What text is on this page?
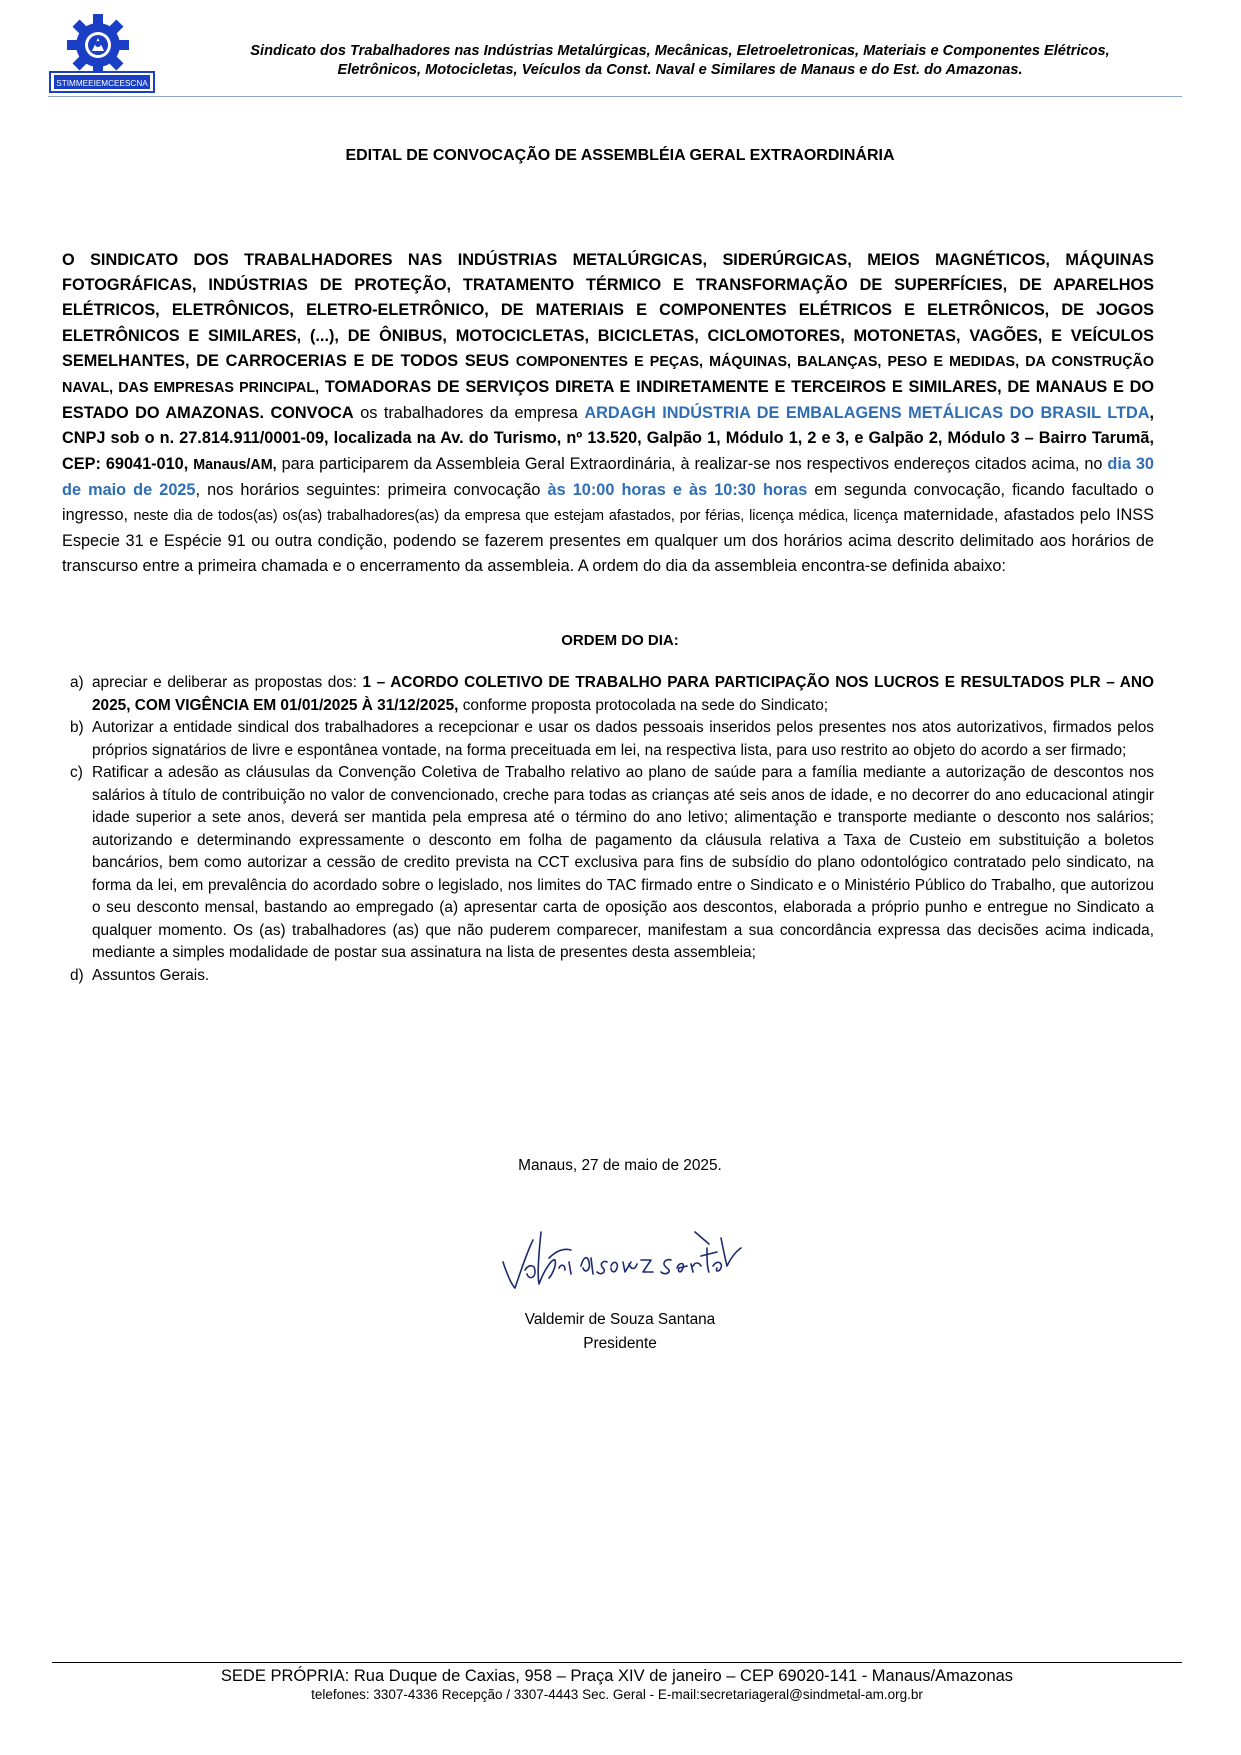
STIMMEEIEMCEESCNA
Sindicato dos Trabalhadores nas Indústrias Metalúrgicas, Mecânicas, Eletroeletronicas, Materiais e Componentes Elétricos,
Eletrônicos, Motocicletas, Veículos da Const. Naval e Similares de Manaus e do Est. do Amazonas.
EDITAL DE CONVOCAÇÃO DE ASSEMBLÉIA GERAL EXTRAORDINÁRIA
O SINDICATO DOS TRABALHADORES NAS INDÚSTRIAS METALÚRGICAS, SIDERÚRGICAS, MEIOS MAGNÉTICOS, MÁQUINAS FOTOGRÁFICAS, INDÚSTRIAS DE PROTEÇÃO, TRATAMENTO TÉRMICO E TRANSFORMAÇÃO DE SUPERFÍCIES, DE APARELHOS ELÉTRICOS, ELETRÔNICOS, ELETRO-ELETRÔNICO, DE MATERIAIS E COMPONENTES ELÉTRICOS E ELETRÔNICOS, DE JOGOS ELETRÔNICOS E SIMILARES, (...), DE ÔNIBUS, MOTOCICLETAS, BICICLETAS, CICLOMOTORES, MOTONETAS, VAGÕES, E VEÍCULOS SEMELHANTES, DE CARROCERIAS E DE TODOS SEUS COMPONENTES E PEÇAS, MÁQUINAS, BALANÇAS, PESO E MEDIDAS, DA CONSTRUÇÃO NAVAL, DAS EMPRESAS PRINCIPAL, TOMADORAS DE SERVIÇOS DIRETA E INDIRETAMENTE E TERCEIROS E SIMILARES, DE MANAUS E DO ESTADO DO AMAZONAS. CONVOCA os trabalhadores da empresa ARDAGH INDÚSTRIA DE EMBALAGENS METÁLICAS DO BRASIL LTDA, CNPJ sob o n. 27.814.911/0001-09, localizada na Av. do Turismo, nº 13.520, Galpão 1, Módulo 1, 2 e 3, e Galpão 2, Módulo 3 – Bairro Tarumã, CEP: 69041-010, Manaus/AM, para participarem da Assembleia Geral Extraordinária, à realizar-se nos respectivos endereços citados acima, no dia 30 de maio de 2025, nos horários seguintes: primeira convocação às 10:00 horas e às 10:30 horas em segunda convocação, ficando facultado o ingresso, neste dia de todos(as) os(as) trabalhadores(as) da empresa que estejam afastados, por férias, licença médica, licença maternidade, afastados pelo INSS Especie 31 e Espécie 91 ou outra condição, podendo se fazerem presentes em qualquer um dos horários acima descrito delimitado aos horários de transcurso entre a primeira chamada e o encerramento da assembleia. A ordem do dia da assembleia encontra-se definida abaixo:
ORDEM DO DIA:
a) apreciar e deliberar as propostas dos: 1 – ACORDO COLETIVO DE TRABALHO PARA PARTICIPAÇÃO NOS LUCROS E RESULTADOS PLR – ANO 2025, COM VIGÊNCIA EM 01/01/2025 À 31/12/2025, conforme proposta protocolada na sede do Sindicato;
b) Autorizar a entidade sindical dos trabalhadores a recepcionar e usar os dados pessoais inseridos pelos presentes nos atos autorizativos, firmados pelos próprios signatários de livre e espontânea vontade, na forma preceituada em lei, na respectiva lista, para uso restrito ao objeto do acordo a ser firmado;
c) Ratificar a adesão as cláusulas da Convenção Coletiva de Trabalho relativo ao plano de saúde para a família mediante a autorização de descontos nos salários à título de contribuição no valor de convencionado, creche para todas as crianças até seis anos de idade, e no decorrer do ano educacional atingir idade superior a sete anos, deverá ser mantida pela empresa até o término do ano letivo; alimentação e transporte mediante o desconto nos salários; autorizando e determinando expressamente o desconto em folha de pagamento da cláusula relativa a Taxa de Custeio em substituição a boletos bancários, bem como autorizar a cessão de credito prevista na CCT exclusiva para fins de subsídio do plano odontológico contratado pelo sindicato, na forma da lei, em prevalência do acordado sobre o legislado, nos limites do TAC firmado entre o Sindicato e o Ministério Público do Trabalho, que autorizou o seu desconto mensal, bastando ao empregado (a) apresentar carta de oposição aos descontos, elaborada a próprio punho e entregue no Sindicato a qualquer momento. Os (as) trabalhadores (as) que não puderem comparecer, manifestam a sua concordância expressa das decisões acima indicada, mediante a simples modalidade de postar sua assinatura na lista de presentes desta assembleia;
d) Assuntos Gerais.
Manaus, 27 de maio de 2025.
Valdemir de Souza Santana
Presidente
SEDE PRÓPRIA: Rua Duque de Caxias, 958 – Praça XIV de janeiro – CEP 69020-141 - Manaus/Amazonas
telefones: 3307-4336 Recepção / 3307-4443 Sec. Geral - E-mail:secretariageral@sindmetal-am.org.br
